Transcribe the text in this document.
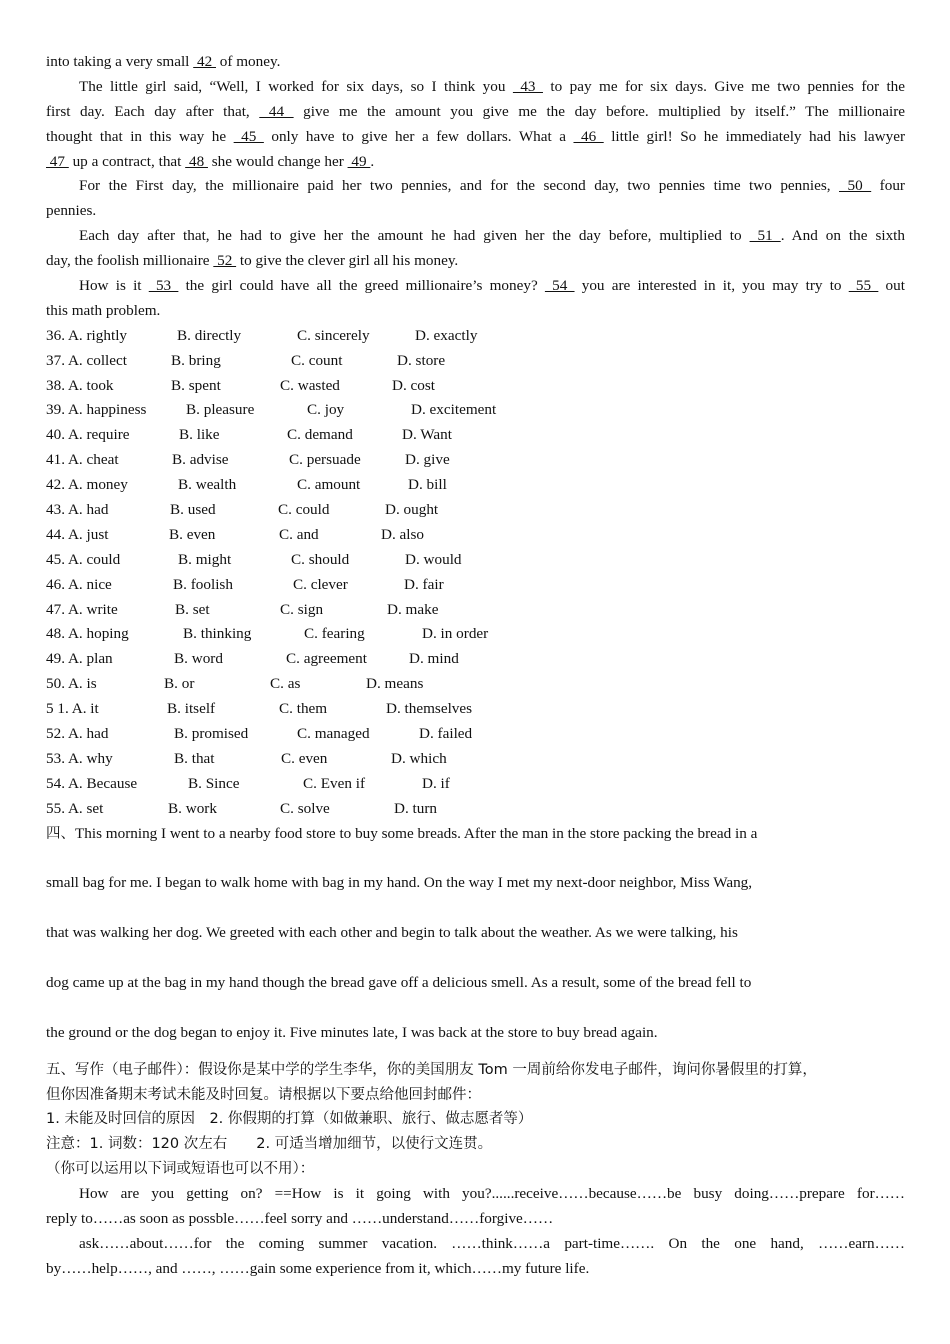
into taking a very small  42  of money.
The little girl said, “Well, I worked for six days, so I think you  43  to pay me for six days. Give me two pennies for the
first day. Each day after that,  44  give me the amount you give me the day before. multiplied by itself.” The millionaire
thought that in this way he  45  only have to give her a few dollars. What a  46  little girl! So he immediately had his lawyer
47  up a contract, that  48  she would change her  49 .
For the First day, the millionaire paid her two pennies, and for the second day, two pennies time two pennies,  50  four
pennies.
Each day after that, he had to give her the amount he had given her the day before, multiplied to  51 . And on the sixth
day, the foolish millionaire  52  to give the clever girl all his money.
How is it  53  the girl could have all the greed millionaire’s money?  54  you are interested in it, you may try to  55  out
this math problem.
36. A. rightly	B. directly	C. sincerely	D. exactly
37. A. collect	B. bring	C. count	D. store
38. A. took	B. spent	C. wasted	D. cost
39. A. happiness	B. pleasure	C. joy	D. excitement
40. A. require	B. like	C. demand	D. Want
41. A. cheat	B. advise	C. persuade	D. give
42. A. money	B. wealth	C. amount	D. bill
43. A. had	B. used	C. could	D. ought
44. A. just	B. even	C. and	D. also
45. A. could	B. might	C. should	D. would
46. A. nice	B. foolish	C. clever	D. fair
47. A. write	B. set	C. sign	D. make
48. A. hoping	B. thinking	C. fearing	D. in order
49. A. plan	B. word	C. agreement	D. mind
50. A. is	B. or	C. as	D. means
5 1. A. it	B. itself	C. them	D. themselves
52. A. had	B. promised	C. managed	D. failed
53. A. why	B. that	C. even	D. which
54. A. Because	B. Since	C. Even if	D. if
55. A. set	B. work	C. solve	D. turn
四、This morning I went to a nearby food store to buy some breads. After the man in the store packing the bread in a
small bag for me. I began to walk home with bag in my hand. On the way I met my next-door neighbor, Miss Wang,
that was walking her dog. We greeted with each other and begin to talk about the weather. As we were talking, his
dog came up at the bag in my hand though the bread gave off a delicious smell. As a result, some of the bread fell to
the ground or the dog began to enjoy it. Five minutes late, I was back at the store to buy bread again.
五、写作（电子邮件）：假设你是某中学的学生李华，你的美国朋友 Tom 一周前给你发电子邮件，询问你暑假里的打算，
但你因准备期末考试未能及时回复。请根据以下要点给他回封邮件：
1. 未能及时回信的原因　2. 你假期的打算（如做兼职、旅行、做志愿者等）
注意：1. 词数：120 次左右　　2. 可适当增加细节，以使行文连贯。
（你可以运用以下词或短语也可以不用）：
How are you getting on? ==How is it going with you?......receive……because……be busy doing……prepare for……
reply to……as soon as possble……feel sorry and ……understand……forgive……
ask……about……for the coming summer vacation. ……think……a part-time……. On the one hand, ……earn……
by……help……, and ……, ……gain some experience from it, which……my future life.
